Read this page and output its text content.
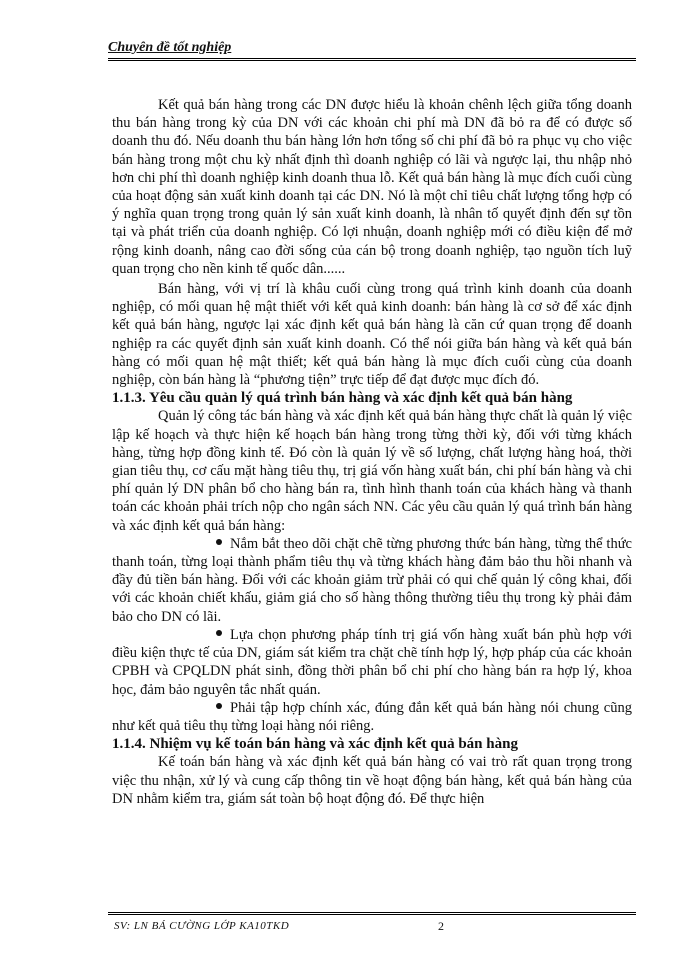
Chuyên đề tốt nghiệp

Kết quả bán hàng trong các DN được hiểu là khoản chênh lệch giữa tổng doanh thu bán hàng trong kỳ của DN với các khoản chi phí mà DN đã bỏ ra để có được số doanh thu đó. Nếu doanh thu bán hàng lớn hơn tổng số chi phí đã bỏ ra phục vụ cho việc bán hàng trong một chu kỳ nhất định thì doanh nghiệp có lãi và ngược lại, thu nhập nhỏ hơn chi phí thì doanh nghiệp kinh doanh thua lỗ. Kết quả bán hàng là mục đích cuối cùng của hoạt động sản xuất kinh doanh tại các DN. Nó là một chỉ tiêu chất lượng tổng hợp có ý nghĩa quan trọng trong quản lý sản xuất kinh doanh, là nhân tố quyết định đến sự tồn tại và phát triển của doanh nghiệp. Có lợi nhuận, doanh nghiệp mới có điều kiện để mở rộng kinh doanh, nâng cao đời sống của cán bộ trong doanh nghiệp, tạo nguồn tích luỹ quan trọng cho nền kinh tế quốc dân......

Bán hàng, với vị trí là khâu cuối cùng trong quá trình kinh doanh của doanh nghiệp, có mối quan hệ mật thiết với kết quả kinh doanh: bán hàng là cơ sở để xác định kết quả bán hàng, ngược lại xác định kết quả bán hàng là căn cứ quan trọng để doanh nghiệp ra các quyết định sản xuất kinh doanh. Có thể nói giữa bán hàng và kết quả bán hàng có mối quan hệ mật thiết; kết quả bán hàng là mục đích cuối cùng của doanh nghiệp, còn bán hàng là “phương tiện” trực tiếp để đạt được mục đích đó.

1.1.3. Yêu cầu quản lý quá trình bán hàng và xác định kết quả bán hàng

Quản lý công tác bán hàng và xác định kết quả bán hàng thực chất là quản lý việc lập kế hoạch và thực hiện kế hoạch bán hàng trong từng thời kỳ, đối với từng khách hàng, từng hợp đồng kinh tế. Đó còn là quản lý về số lượng, chất lượng hàng hoá, thời gian tiêu thụ, cơ cấu mặt hàng tiêu thụ, trị giá vốn hàng xuất bán, chi phí bán hàng và chi phí quản lý DN phân bổ cho hàng bán ra, tình hình thanh toán của khách hàng và thanh toán các khoản phải trích nộp cho ngân sách NN. Các yêu cầu quản lý quá trình bán hàng và xác định kết quả bán hàng:

Nắm bắt theo dõi chặt chẽ từng phương thức bán hàng, từng thể thức thanh toán, từng loại thành phẩm tiêu thụ và từng khách hàng đảm bảo thu hồi nhanh và đầy đủ tiền bán hàng. Đối với các khoản giảm trừ phải có qui chế quản lý công khai, đối với các khoản chiết khấu, giảm giá cho số hàng thông thường tiêu thụ trong kỳ phải đảm bảo cho DN có lãi.

Lựa chọn phương pháp tính trị giá vốn hàng xuất bán phù hợp với điều kiện thực tế của DN, giám sát kiểm tra chặt chẽ tính hợp lý, hợp pháp của các khoản CPBH và CPQLDN phát sinh, đồng thời phân bổ chi phí cho hàng bán ra hợp lý, khoa học, đảm bảo nguyên tắc nhất quán.

Phải tập hợp chính xác, đúng đắn kết quả bán hàng nói chung cũng như kết quả tiêu thụ từng loại hàng nói riêng.

1.1.4. Nhiệm vụ kế toán bán hàng và xác định kết quả bán hàng

Kế toán bán hàng và xác định kết quả bán hàng có vai trò rất quan trọng trong việc thu nhận, xử lý và cung cấp thông tin về hoạt động bán hàng, kết quả bán hàng của DN nhằm kiểm tra, giám sát toàn bộ hoạt động đó. Để thực hiện

SV: LN BÁ CƯỜNG LỚP KA10TKD	2
